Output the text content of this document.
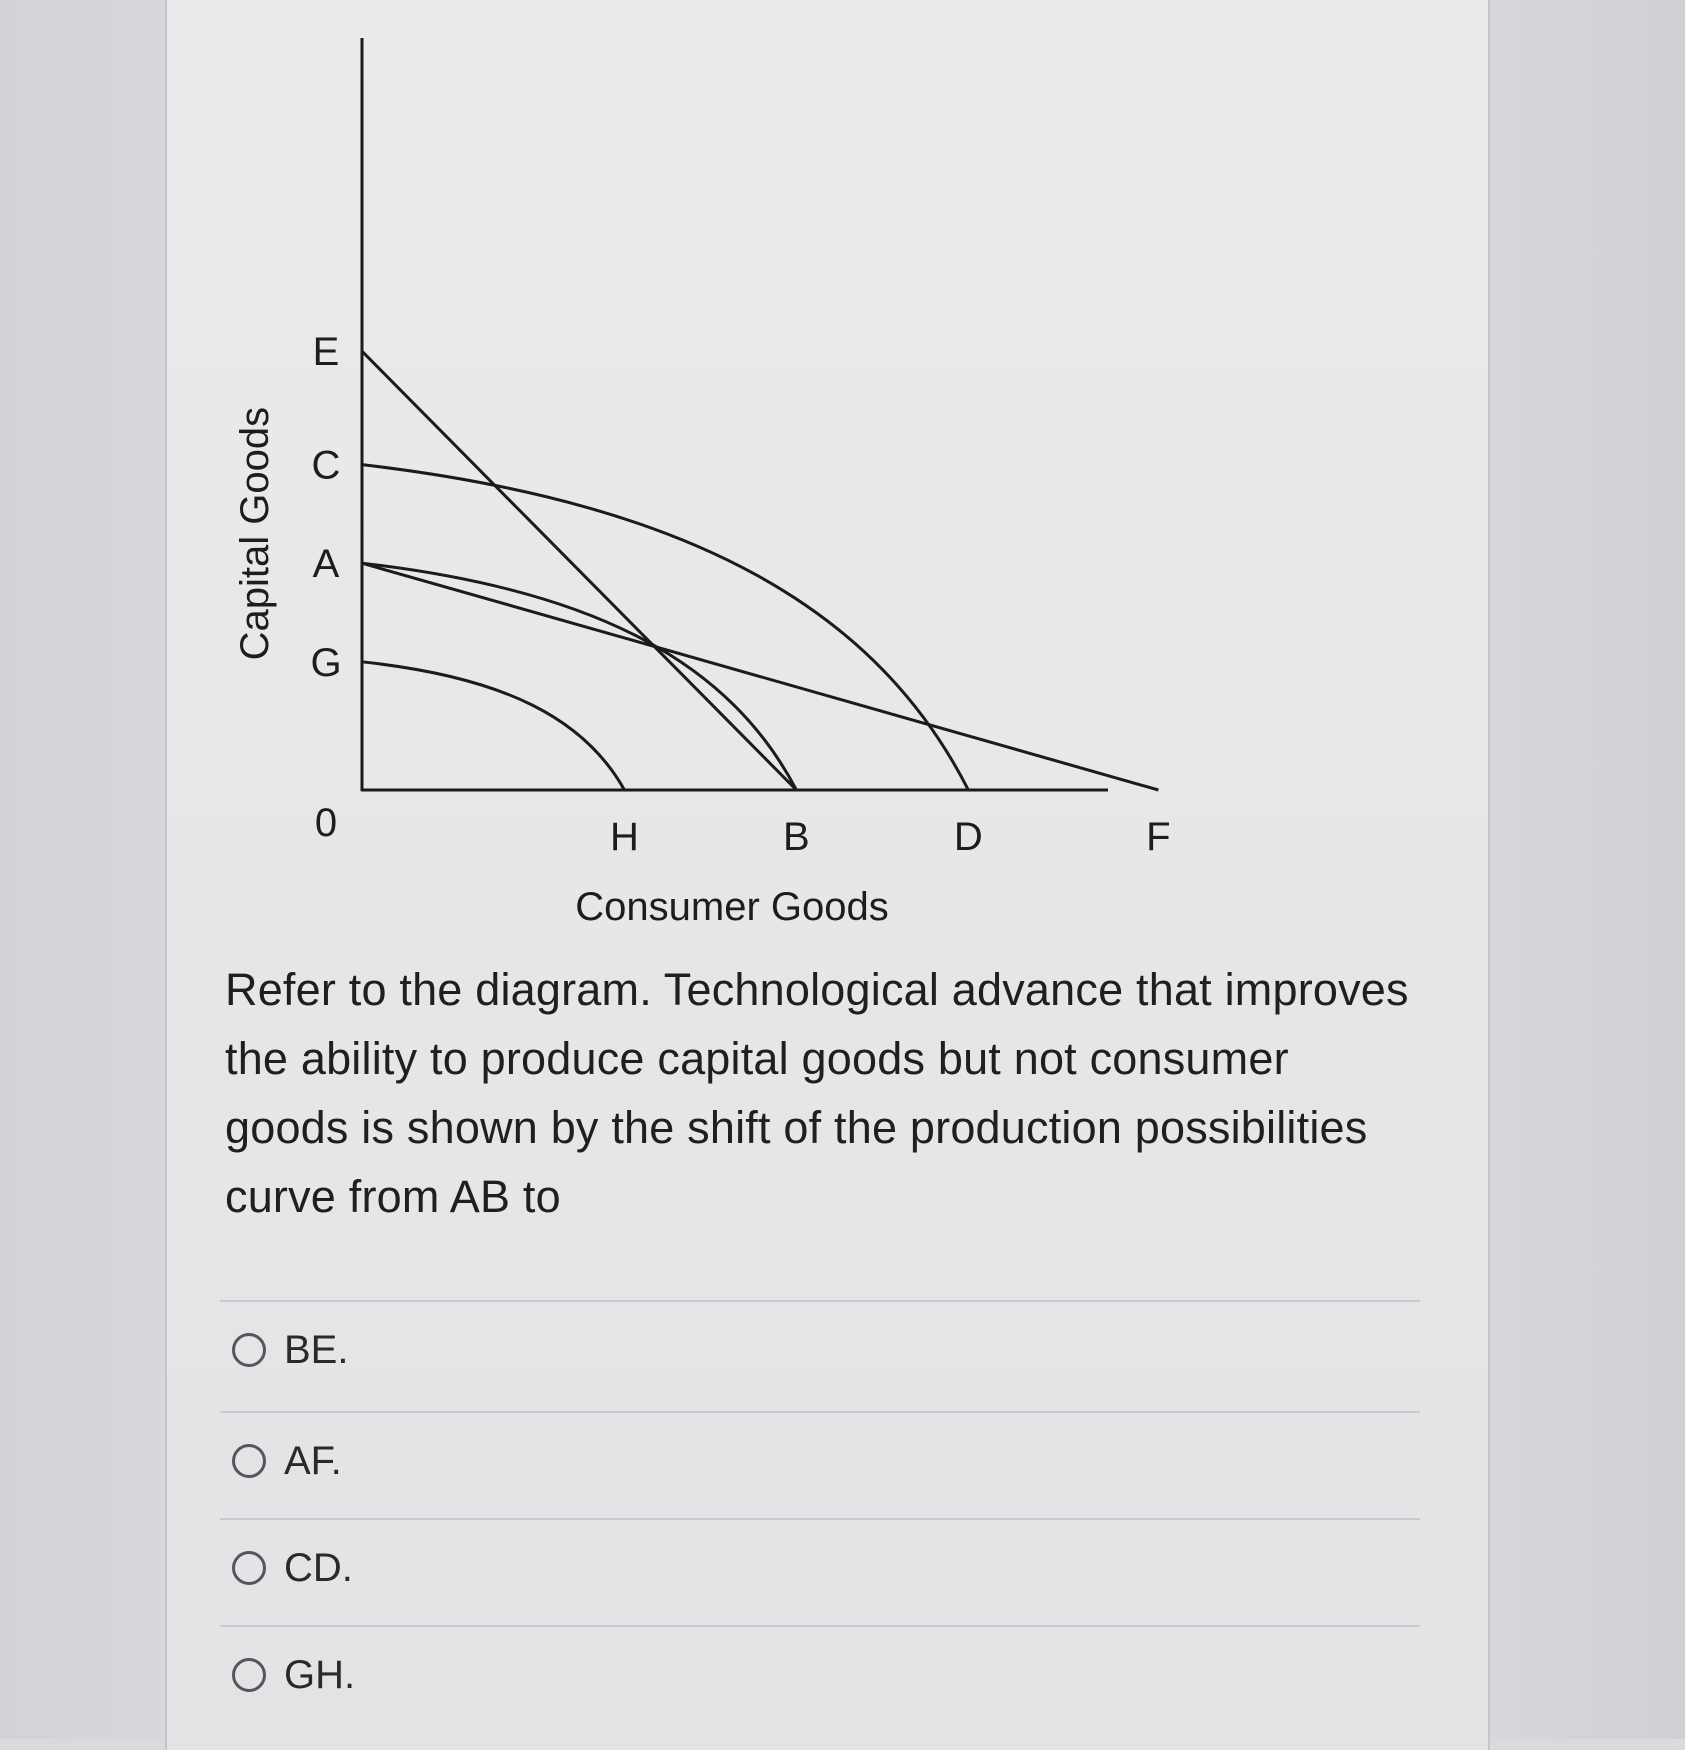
E
C
A
G
H	B	D	F
0
Consumer Goods
Capital Goods
Refer to the diagram. Technological advance that improves the ability to produce capital goods but not consumer goods is shown by the shift of the production possibilities curve from AB to
BE.
AF.
CD.
GH.
